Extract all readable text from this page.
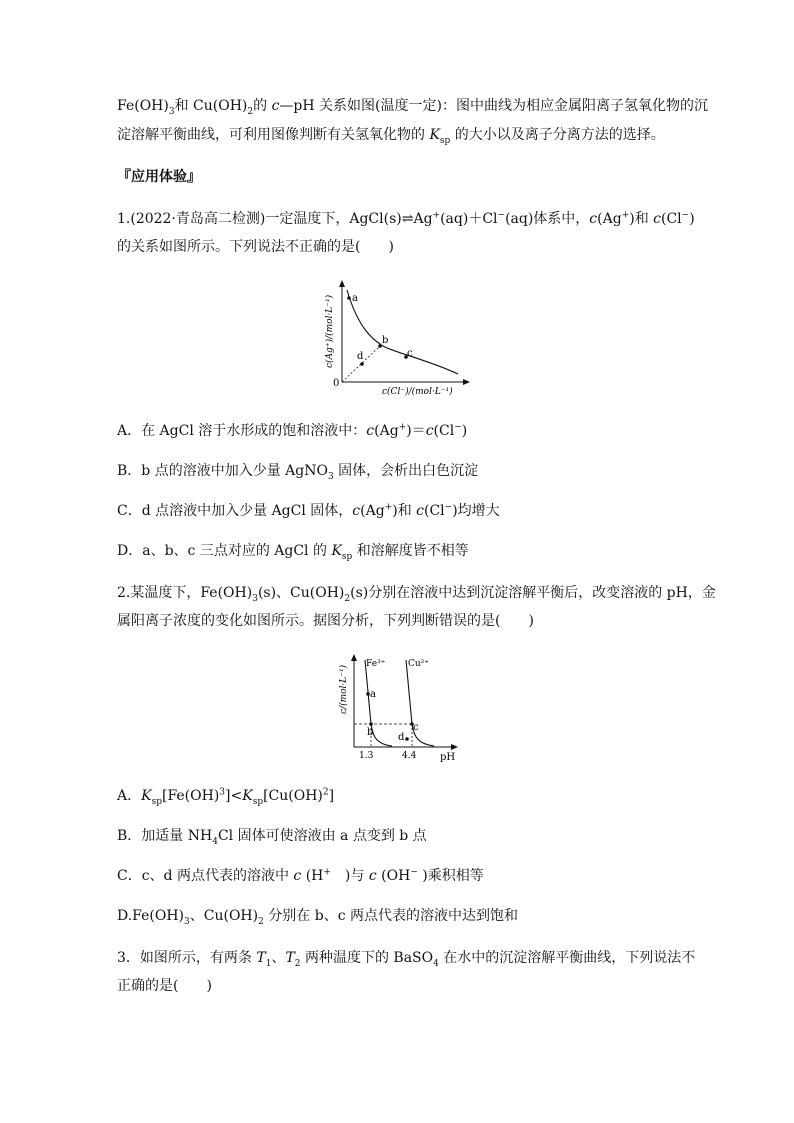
$Fe(OH)_3$和 $Cu(OH)_2$的 c—pH 关系如图(温度一定)：图中曲线为相应金属阳离子氢氧化物的沉
淀溶解平衡曲线，可利用图像判断有关氢氧化物的 $K_{sp}$ 的大小以及离子分离方法的选择。
『应用体验』
1.(2022·青岛高二检测)一定温度下，AgCl(s)⇌Ag+(aq)＋Cl−(aq)体系中，c(Ag+)和 c(Cl−)
的关系如图所示。下列说法不正确的是(　　)
a
b
c
d
0
c(Cl⁻)/(mol·L⁻¹)
c(Ag⁺)/(mol·L⁻¹)
A．在 AgCl 溶于水形成的饱和溶液中：c(Ag+)＝c(Cl−)
B．b 点的溶液中加入少量 AgNO$_3$ 固体，会析出白色沉淀
C．d 点溶液中加入少量 AgCl 固体，c(Ag+)和 c(Cl−)均增大
D．a、b、c 三点对应的 AgCl 的 $K_{sp}$ 和溶解度皆不相等
2.某温度下，$Fe(OH)_3(s)$、$Cu(OH)_2(s)$分别在溶液中达到沉淀溶解平衡后，改变溶液的 pH，金
属阳离子浓度的变化如图所示。据图分析，下列判断错误的是(　　)
a
b	c
d
Fe³⁺	Cu²⁺
1.3	4.4 pH
c/(mol·L⁻¹)
A．$K_{sp}[Fe(OH)^3]<K_{sp}[Cu(OH)^2]$
B．加适量 $NH_4Cl$ 固体可使溶液由 a 点变到 b 点
C．c、d 两点代表的溶液中 c (H+　)与 c (OH− )乘积相等
$D.Fe(OH)_3$、$Cu(OH)_2$ 分别在 b、c 两点代表的溶液中达到饱和
3．如图所示，有两条 $T_1$、$T_2$ 两种温度下的 BaSO$_4$ 在水中的沉淀溶解平衡曲线，下列说法不
正确的是(　　)
